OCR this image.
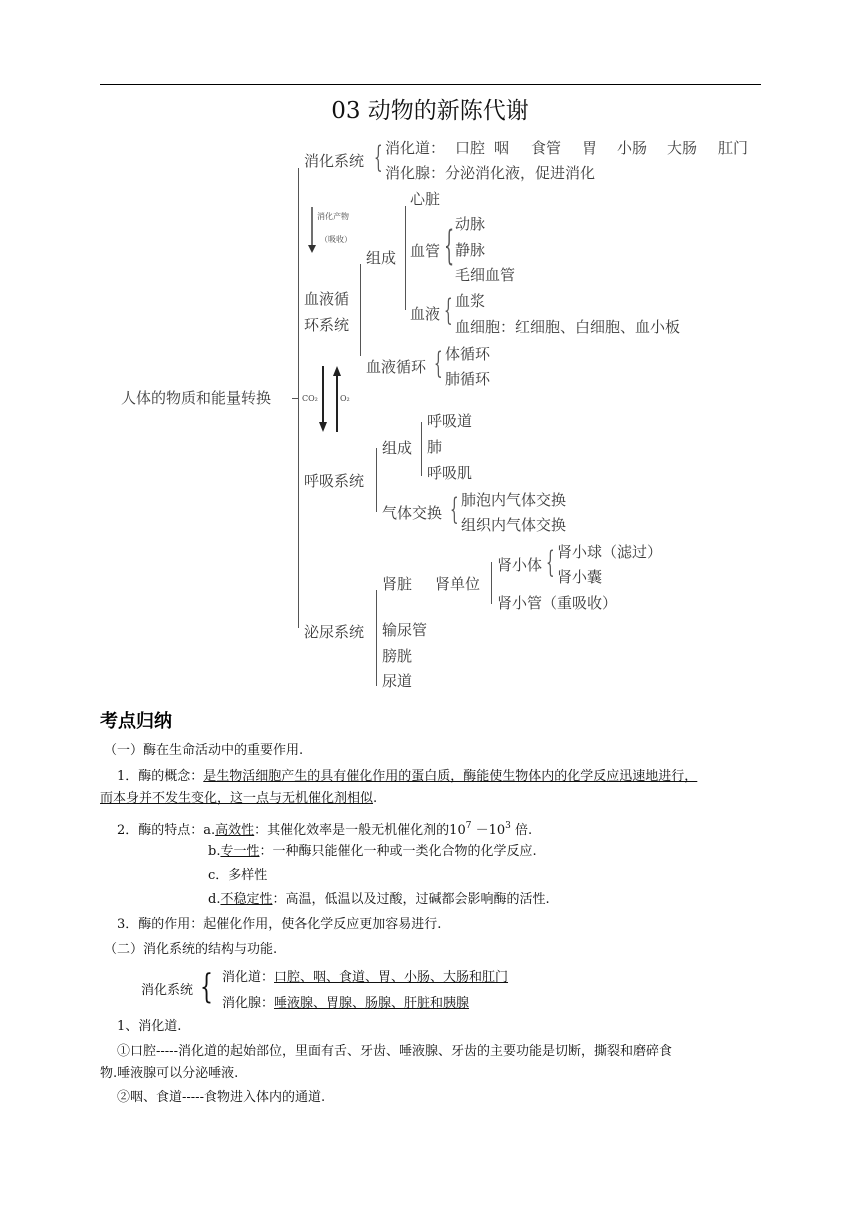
03 动物的新陈代谢
人体的物质和能量转换
消化系统 { 消化道： 口腔 咽 食管 胃 小肠 大肠 肛门
消化腺：分泌消化液，促进消化
消化产物
（吸收）
血液循
环系统
组成
心脏
血管 { 动脉
静脉
毛细血管
血液 { 血浆
血细胞：红细胞、白细胞、血小板
血液循环 { 体循环
肺循环
CO₂	O₂
呼吸系统
组成
呼吸道
肺
呼吸肌
气体交换 { 肺泡内气体交换
组织内气体交换
泌尿系统
肾脏 肾单位
肾小体 { 肾小球（滤过）
肾小囊
肾小管（重吸收）
输尿管
膀胱
尿道
考点归纳
（一）酶在生命活动中的重要作用.
1．酶的概念：是生物活细胞产生的具有催化作用的蛋白质，酶能使生物体内的化学反应迅速地进行，
而本身并不发生变化，这一点与无机催化剂相似.
2．酶的特点：a.高效性：其催化效率是一般无机催化剂的$10^7 -10^3$ 倍.
b.专一性：一种酶只能催化一种或一类化合物的化学反应.
c．多样性
d.不稳定性：高温，低温以及过酸，过碱都会影响酶的活性.
3．酶的作用：起催化作用，使各化学反应更加容易进行.
（二）消化系统的结构与功能.
消化系统 { 消化道：口腔、咽、食道、胃、小肠、大肠和肛门
消化腺：唾液腺、胃腺、肠腺、肝脏和胰腺
1、消化道.
①口腔-----消化道的起始部位，里面有舌、牙齿、唾液腺、牙齿的主要功能是切断，撕裂和磨碎食
物.唾液腺可以分泌唾液.
②咽、食道-----食物进入体内的通道.
